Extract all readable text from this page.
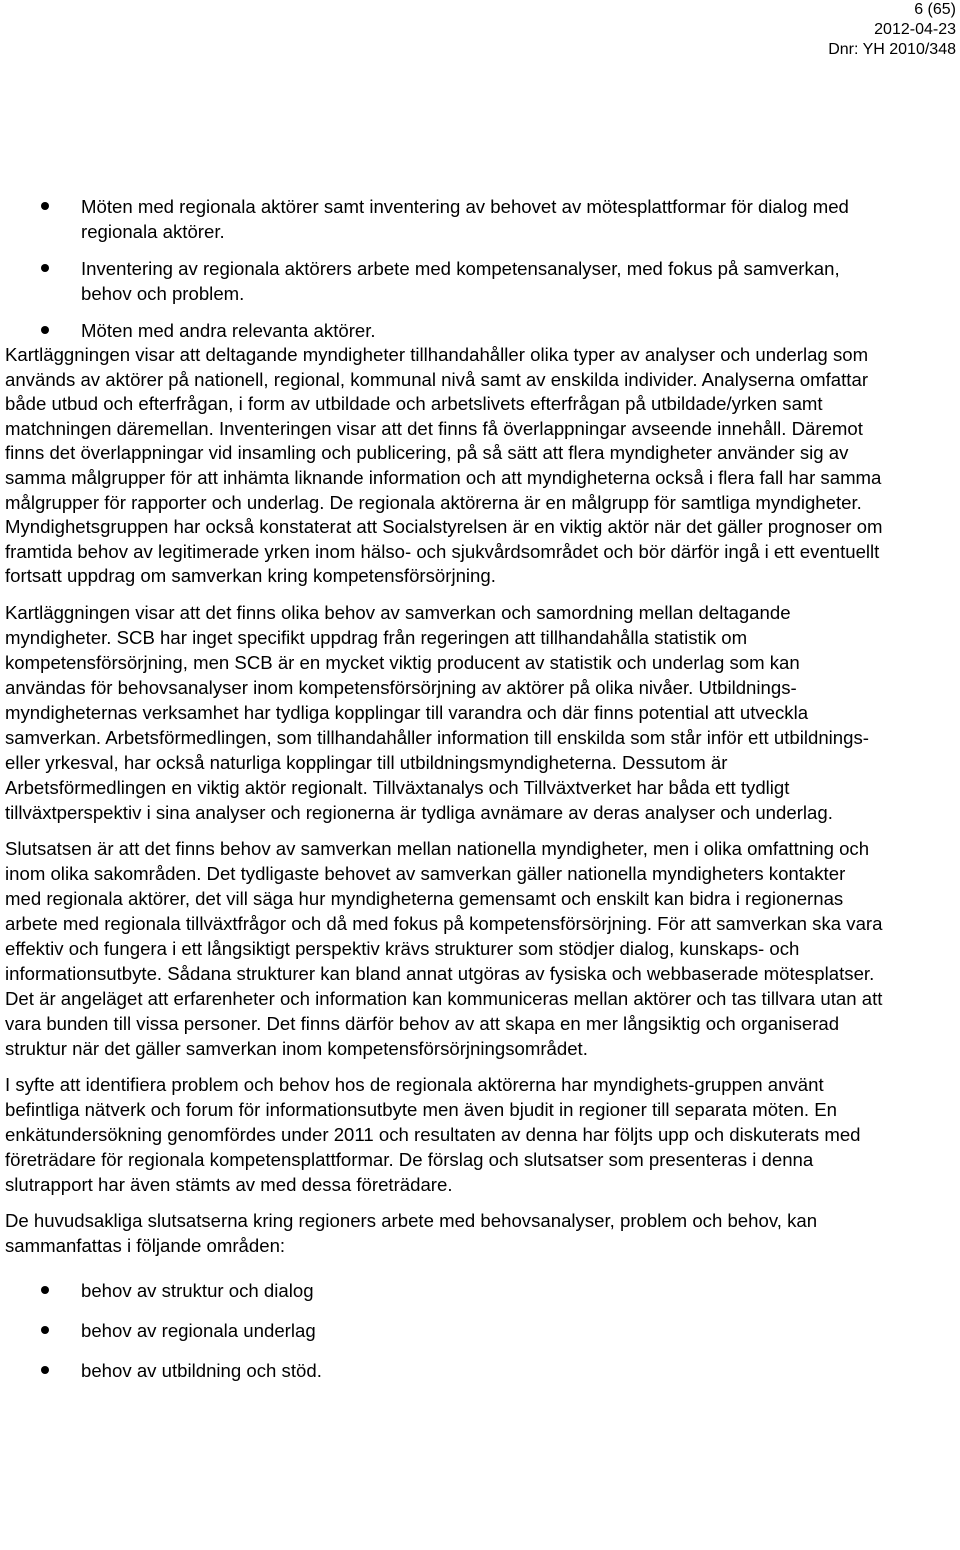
6 (65)
2012-04-23
Dnr: YH 2010/348
Möten med regionala aktörer samt inventering av behovet av mötesplattformar för dialog med regionala aktörer.
Inventering av regionala aktörers arbete med kompetensanalyser, med fokus på samverkan, behov och problem.
Möten med andra relevanta aktörer.

Kartläggningen visar att deltagande myndigheter tillhandahåller olika typer av analyser och underlag som används av aktörer på nationell, regional, kommunal nivå samt av enskilda individer. Analyserna omfattar både utbud och efterfrågan, i form av utbildade och arbetslivets efterfrågan på utbildade/yrken samt matchningen däremellan. Inventeringen visar att det finns få överlappningar avseende innehåll. Däremot finns det överlappningar vid insamling och publicering, på så sätt att flera myndigheter använder sig av samma målgrupper för att inhämta liknande information och att myndigheterna också i flera fall har samma målgrupper för rapporter och underlag. De regionala aktörerna är en målgrupp för samtliga myndigheter. Myndighetsgruppen har också konstaterat att Socialstyrelsen är en viktig aktör när det gäller prognoser om framtida behov av legitimerade yrken inom hälso- och sjukvårdsområdet och bör därför ingå i ett eventuellt fortsatt uppdrag om samverkan kring kompetensförsörjning.

Kartläggningen visar att det finns olika behov av samverkan och samordning mellan deltagande myndigheter. SCB har inget specifikt uppdrag från regeringen att tillhandahålla statistik om kompetensförsörjning, men SCB är en mycket viktig producent av statistik och underlag som kan användas för behovsanalyser inom kompetensförsörjning av aktörer på olika nivåer. Utbildnings-myndigheternas verksamhet har tydliga kopplingar till varandra och där finns potential att utveckla samverkan. Arbetsförmedlingen, som tillhandahåller information till enskilda som står inför ett utbildnings- eller yrkesval, har också naturliga kopplingar till utbildningsmyndigheterna. Dessutom är Arbetsförmedlingen en viktig aktör regionalt. Tillväxtanalys och Tillväxtverket har båda ett tydligt tillväxtperspektiv i sina analyser och regionerna är tydliga avnämare av deras analyser och underlag.

Slutsatsen är att det finns behov av samverkan mellan nationella myndigheter, men i olika omfattning och inom olika sakområden. Det tydligaste behovet av samverkan gäller nationella myndigheters kontakter med regionala aktörer, det vill säga hur myndigheterna gemensamt och enskilt kan bidra i regionernas arbete med regionala tillväxtfrågor och då med fokus på kompetensförsörjning. För att samverkan ska vara effektiv och fungera i ett långsiktigt perspektiv krävs strukturer som stödjer dialog, kunskaps- och informationsutbyte. Sådana strukturer kan bland annat utgöras av fysiska och webbaserade mötesplatser. Det är angeläget att erfarenheter och information kan kommuniceras mellan aktörer och tas tillvara utan att vara bunden till vissa personer. Det finns därför behov av att skapa en mer långsiktig och organiserad struktur när det gäller samverkan inom kompetensförsörjningsområdet.

I syfte att identifiera problem och behov hos de regionala aktörerna har myndighets-gruppen använt befintliga nätverk och forum för informationsutbyte men även bjudit in regioner till separata möten. En enkätundersökning genomfördes under 2011 och resultaten av denna har följts upp och diskuterats med företrädare för regionala kompetensplattformar. De förslag och slutsatser som presenteras i denna slutrapport har även stämts av med dessa företrädare.

De huvudsakliga slutsatserna kring regioners arbete med behovsanalyser, problem och behov, kan sammanfattas i följande områden:

behov av struktur och dialog
behov av regionala underlag
behov av utbildning och stöd.
